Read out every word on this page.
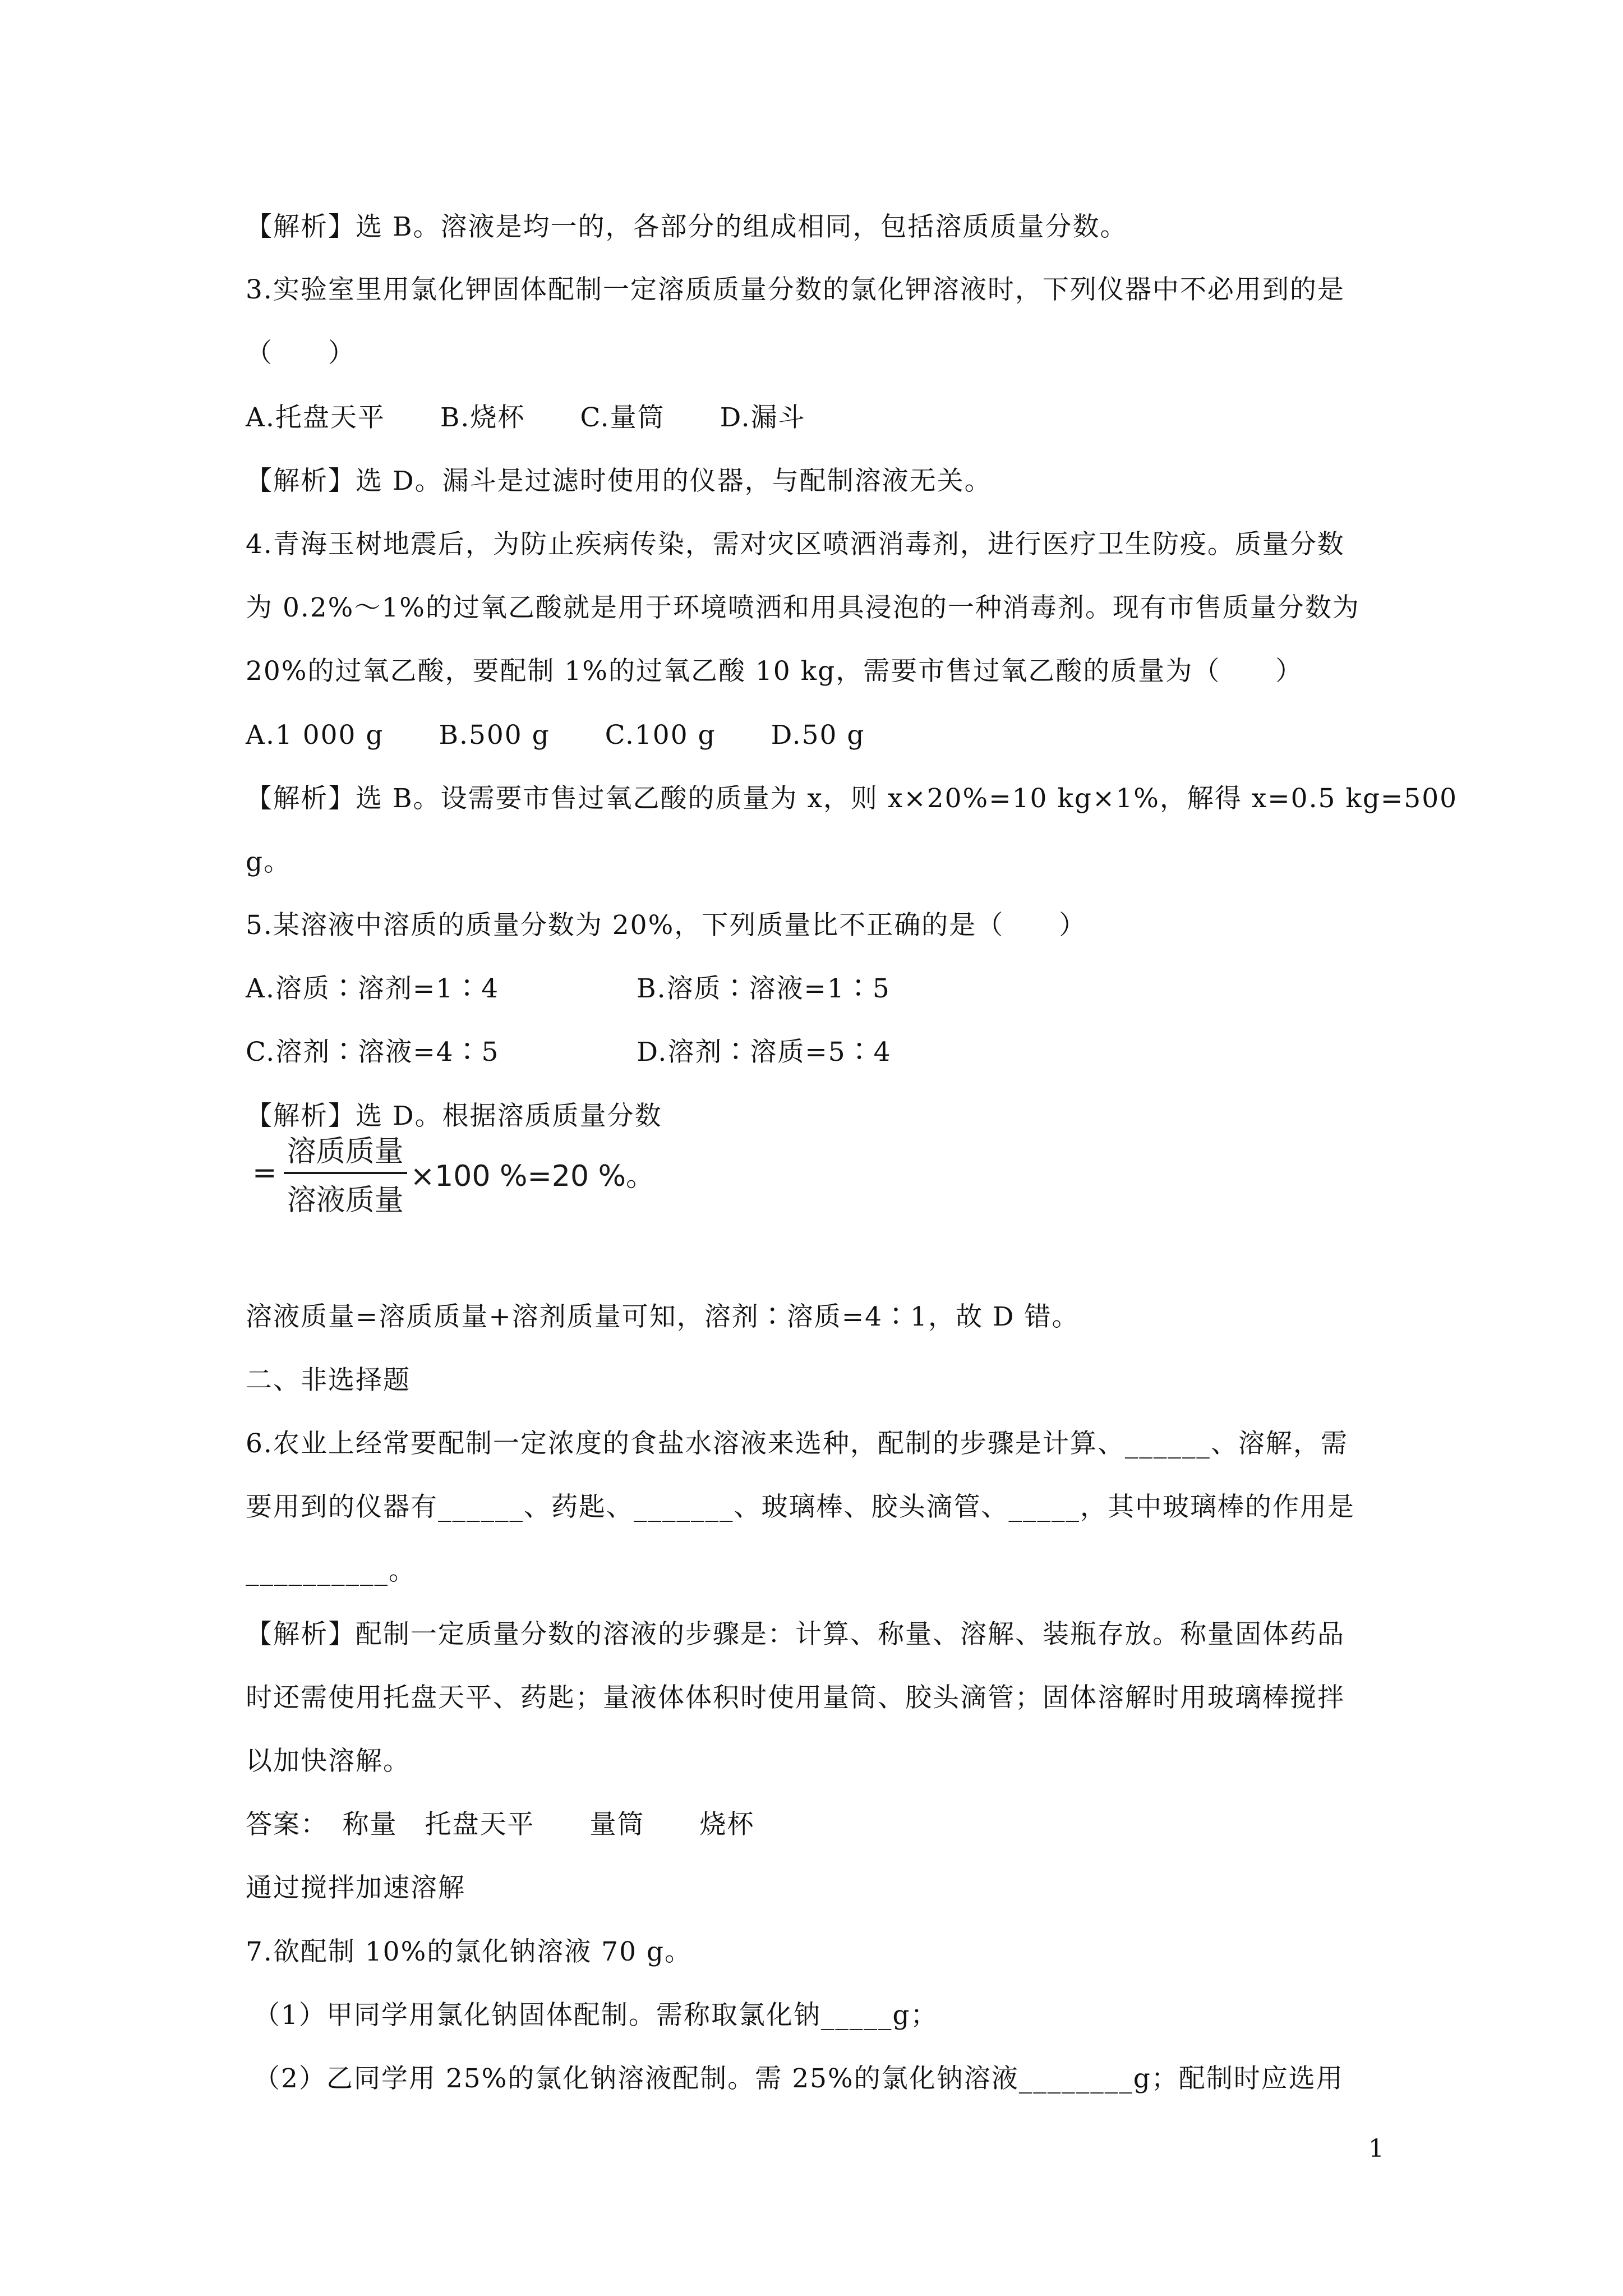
【解析】选 B。溶液是均一的，各部分的组成相同，包括溶质质量分数。
3.实验室里用氯化钾固体配制一定溶质质量分数的氯化钾溶液时，下列仪器中不必用到的是
（　　）
A.托盘天平　　B.烧杯　　C.量筒　　D.漏斗
【解析】选 D。漏斗是过滤时使用的仪器，与配制溶液无关。
4.青海玉树地震后，为防止疾病传染，需对灾区喷洒消毒剂，进行医疗卫生防疫。质量分数
为 0.2%～1%的过氧乙酸就是用于环境喷洒和用具浸泡的一种消毒剂。现有市售质量分数为
20%的过氧乙酸，要配制 1%的过氧乙酸 10 kg，需要市售过氧乙酸的质量为（　　）
A.1 000 g　　B.500 g　　C.100 g　　D.50 g
【解析】选 B。设需要市售过氧乙酸的质量为 x，则 x×20%=10 kg×1%，解得 x=0.5 kg=500
g。
5.某溶液中溶质的质量分数为 20%，下列质量比不正确的是（　　）
A.溶质∶溶剂=1∶4　　　　　B.溶质∶溶液=1∶5
C.溶剂∶溶液=4∶5　　　　　D.溶剂∶溶质=5∶4
【解析】选 D。根据溶质质量分数
= $\frac{\text{溶质质量}}{\text{溶液质量}} \times 100$ %=20 %。
溶液质量=溶质质量+溶剂质量可知，溶剂∶溶质=4∶1，故 D 错。
二、非选择题
6.农业上经常要配制一定浓度的食盐水溶液来选种，配制的步骤是计算、______、溶解，需
要用到的仪器有______、药匙、_______、玻璃棒、胶头滴管、_____，其中玻璃棒的作用是
__________。
【解析】配制一定质量分数的溶液的步骤是：计算、称量、溶解、装瓶存放。称量固体药品
时还需使用托盘天平、药匙；量液体体积时使用量筒、胶头滴管；固体溶解时用玻璃棒搅拌
以加快溶解。
答案：　称量　托盘天平　　量筒　　烧杯
通过搅拌加速溶解
7.欲配制 10%的氯化钠溶液 70 g。
（1）甲同学用氯化钠固体配制。需称取氯化钠_____g；
（2）乙同学用 25%的氯化钠溶液配制。需 25%的氯化钠溶液________g；配制时应选用
1
